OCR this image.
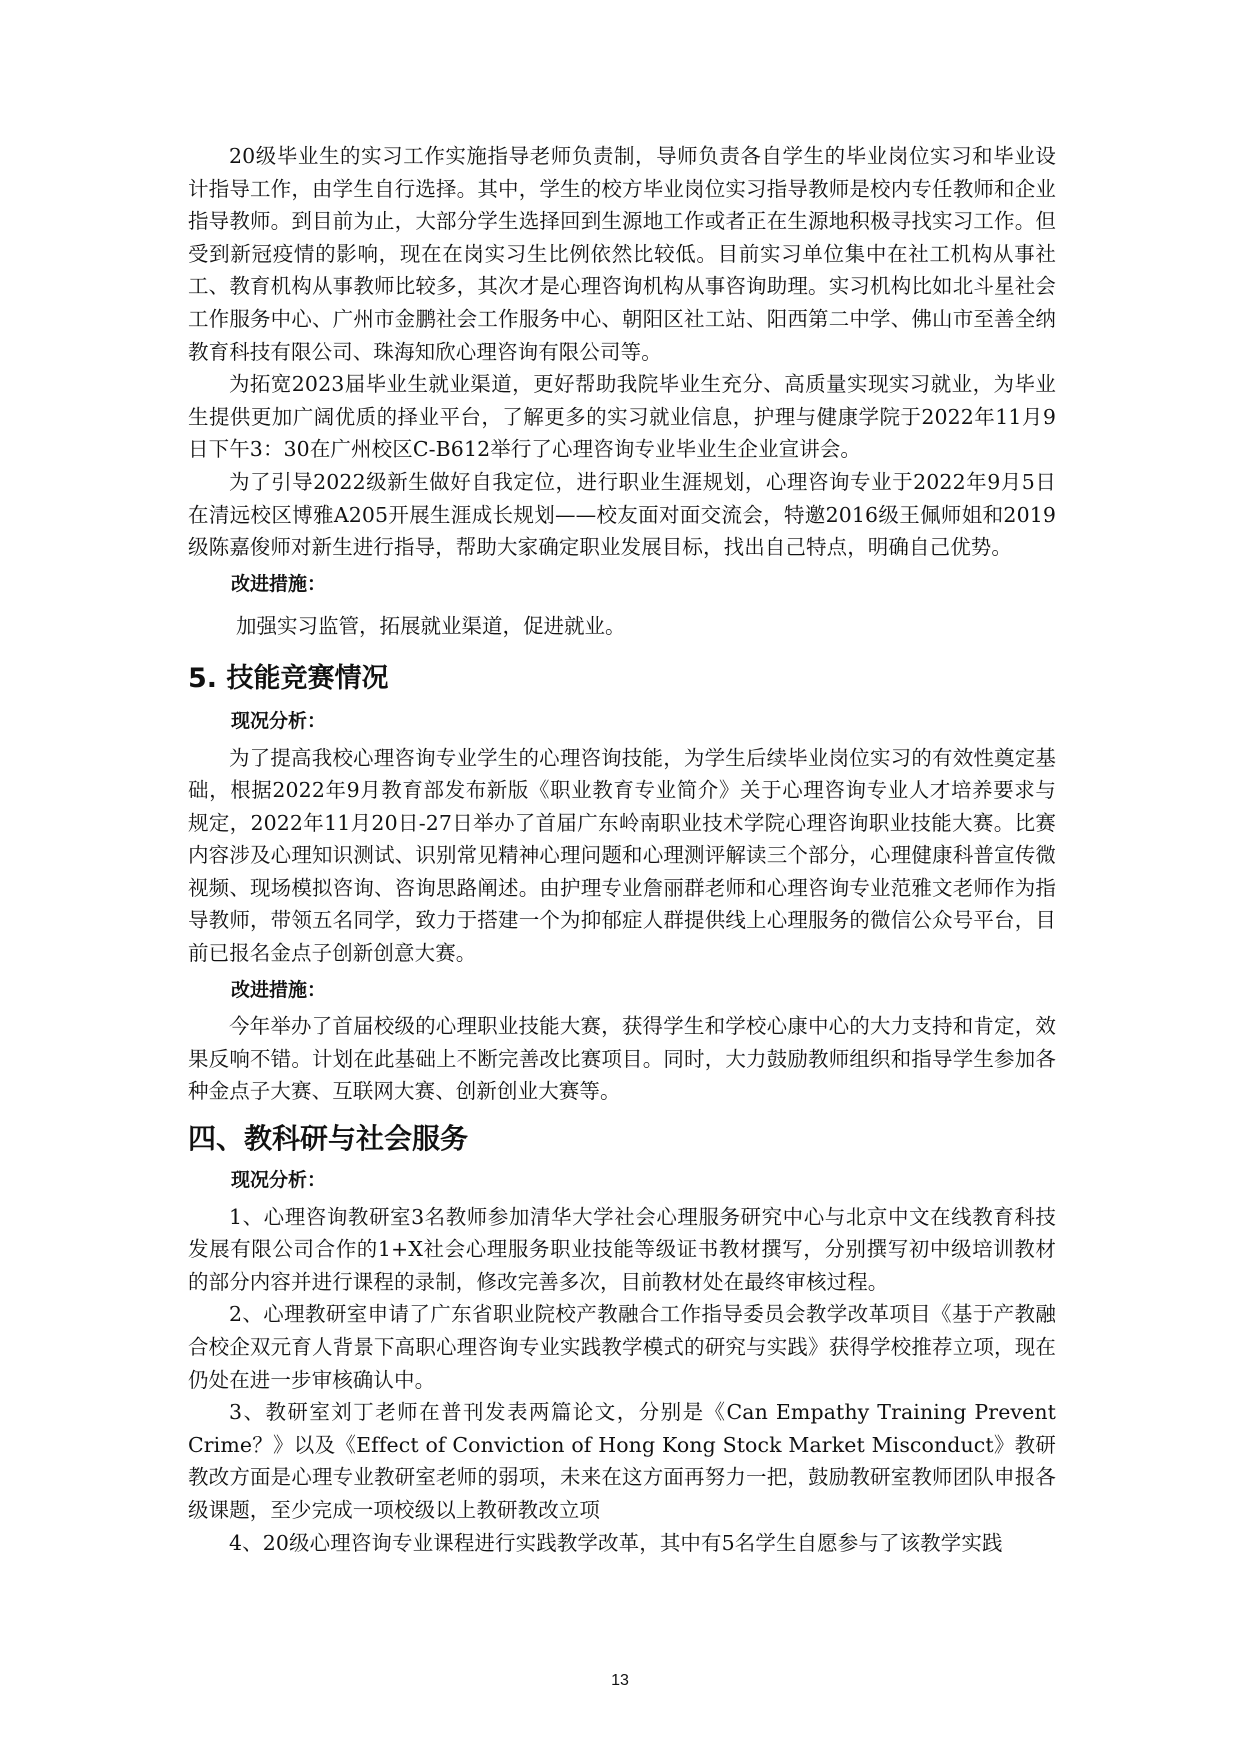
20级毕业生的实习工作实施指导老师负责制，导师负责各自学生的毕业岗位实习和毕业设计指导工作，由学生自行选择。其中，学生的校方毕业岗位实习指导教师是校内专任教师和企业指导教师。到目前为止，大部分学生选择回到生源地工作或者正在生源地积极寻找实习工作。但受到新冠疫情的影响，现在在岗实习生比例依然比较低。目前实习单位集中在社工机构从事社工、教育机构从事教师比较多，其次才是心理咨询机构从事咨询助理。实习机构比如北斗星社会工作服务中心、广州市金鹏社会工作服务中心、朝阳区社工站、阳西第二中学、佛山市至善全纳教育科技有限公司、珠海知欣心理咨询有限公司等。

为拓宽2023届毕业生就业渠道，更好帮助我院毕业生充分、高质量实现实习就业，为毕业生提供更加广阔优质的择业平台，了解更多的实习就业信息，护理与健康学院于2022年11月9日下午3：30在广州校区C-B612举行了心理咨询专业毕业生企业宣讲会。

为了引导2022级新生做好自我定位，进行职业生涯规划，心理咨询专业于2022年9月5日在清远校区博雅A205开展生涯成长规划——校友面对面交流会，特邀2016级王佩师姐和2019级陈嘉俊师对新生进行指导，帮助大家确定职业发展目标，找出自己特点，明确自己优势。

改进措施：

加强实习监管，拓展就业渠道，促进就业。

5. 技能竞赛情况
现况分析：

为了提高我校心理咨询专业学生的心理咨询技能，为学生后续毕业岗位实习的有效性奠定基础，根据2022年9月教育部发布新版《职业教育专业简介》关于心理咨询专业人才培养要求与规定，2022年11月20日-27日举办了首届广东岭南职业技术学院心理咨询职业技能大赛。比赛内容涉及心理知识测试、识别常见精神心理问题和心理测评解读三个部分，心理健康科普宣传微视频、现场模拟咨询、咨询思路阐述。由护理专业詹丽群老师和心理咨询专业范雅文老师作为指导教师，带领五名同学，致力于搭建一个为抑郁症人群提供线上心理服务的微信公众号平台，目前已报名金点子创新创意大赛。

改进措施：

今年举办了首届校级的心理职业技能大赛，获得学生和学校心康中心的大力支持和肯定，效果反响不错。计划在此基础上不断完善改比赛项目。同时，大力鼓励教师组织和指导学生参加各种金点子大赛、互联网大赛、创新创业大赛等。

四、教科研与社会服务
现况分析：

1、心理咨询教研室3名教师参加清华大学社会心理服务研究中心与北京中文在线教育科技发展有限公司合作的1+X社会心理服务职业技能等级证书教材撰写，分别撰写初中级培训教材的部分内容并进行课程的录制，修改完善多次，目前教材处在最终审核过程。

2、心理教研室申请了广东省职业院校产教融合工作指导委员会教学改革项目《基于产教融合校企双元育人背景下高职心理咨询专业实践教学模式的研究与实践》获得学校推荐立项，现在仍处在进一步审核确认中。

3、教研室刘丁老师在普刊发表两篇论文，分别是《Can Empathy Training Prevent Crime？》以及《Effect of Conviction of Hong Kong Stock Market Misconduct》教研教改方面是心理专业教研室老师的弱项，未来在这方面再努力一把，鼓励教研室教师团队申报各级课题，至少完成一项校级以上教研教改立项

4、20级心理咨询专业课程进行实践教学改革，其中有5名学生自愿参与了该教学实践

13
